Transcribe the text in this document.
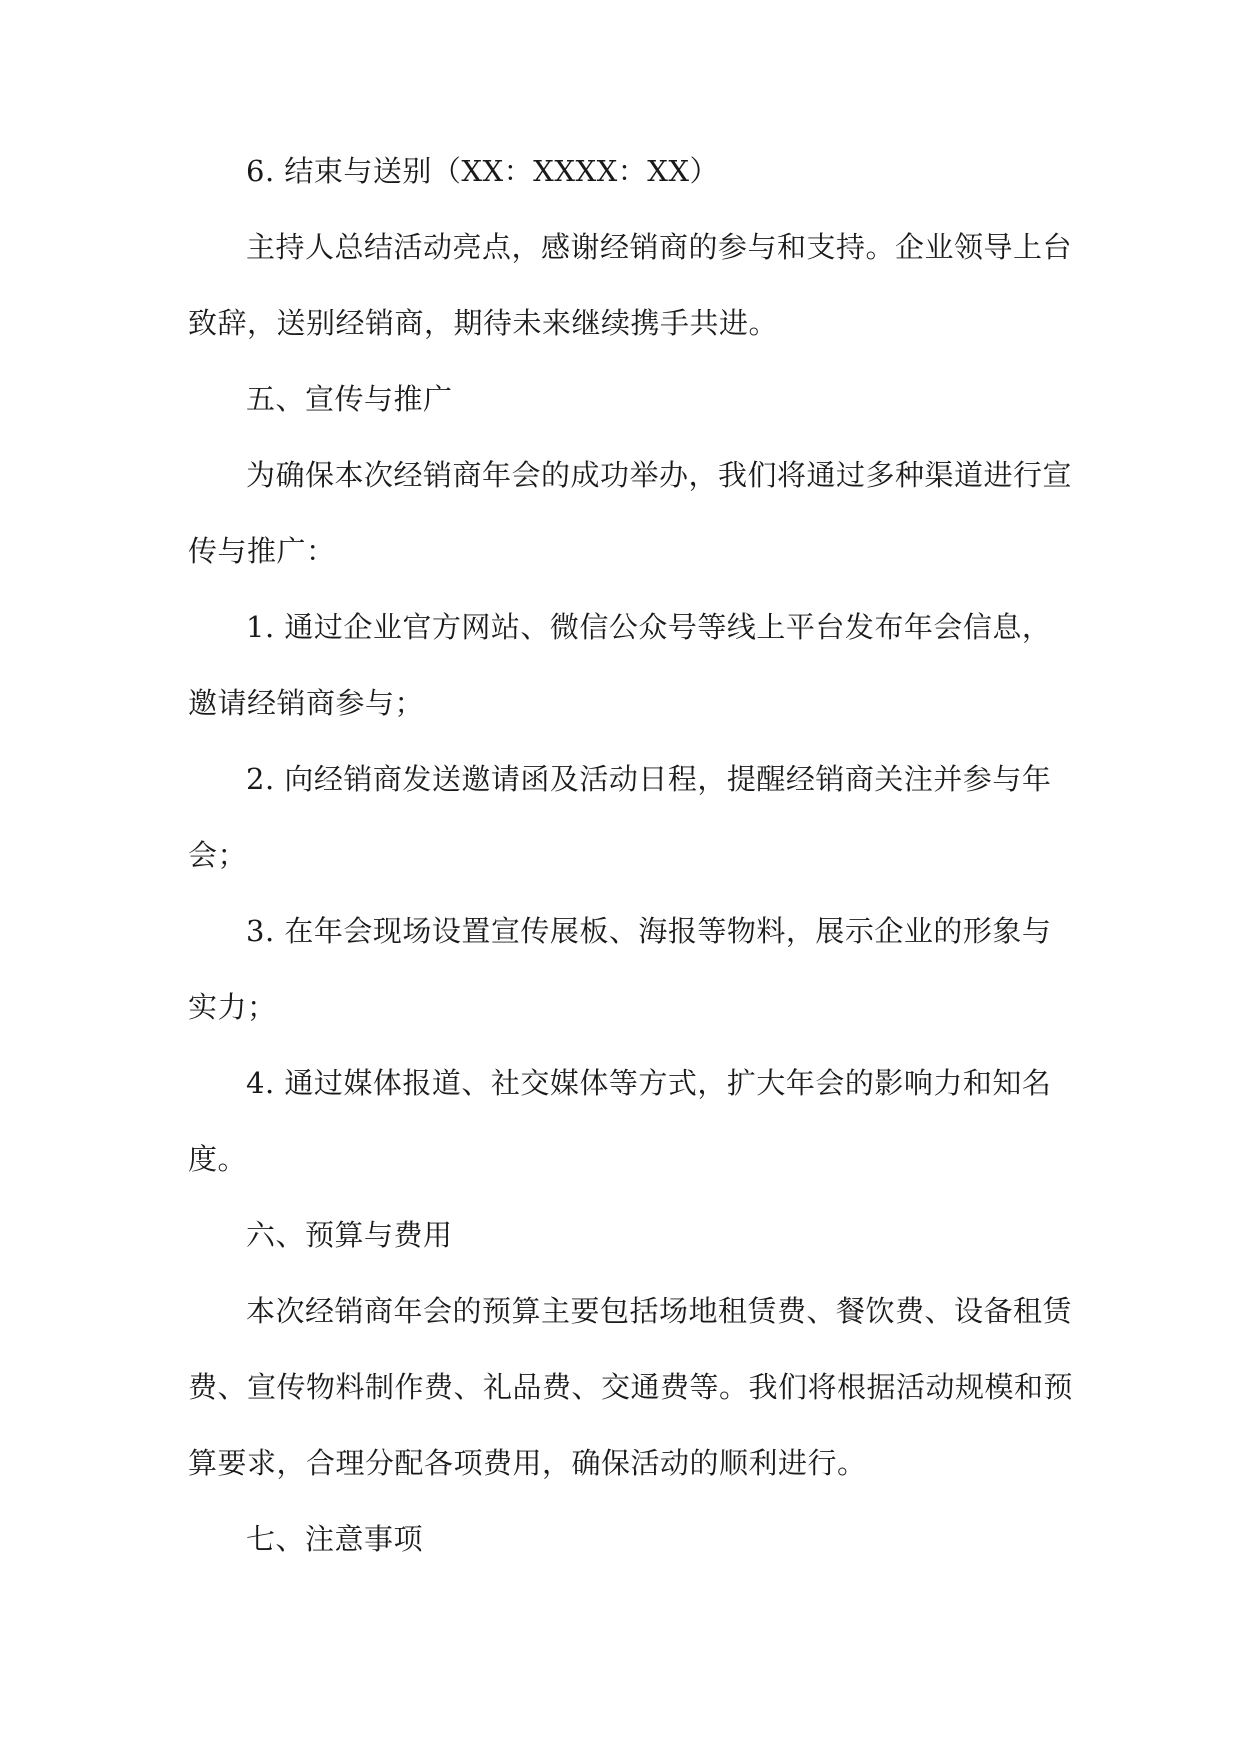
6. 结束与送别（XX：XXXX：XX）
主持人总结活动亮点，感谢经销商的参与和支持。企业领导上台
致辞，送别经销商，期待未来继续携手共进。
五、宣传与推广
为确保本次经销商年会的成功举办，我们将通过多种渠道进行宣
传与推广：
1. 通过企业官方网站、微信公众号等线上平台发布年会信息，
邀请经销商参与；
2. 向经销商发送邀请函及活动日程，提醒经销商关注并参与年
会；
3. 在年会现场设置宣传展板、海报等物料，展示企业的形象与
实力；
4. 通过媒体报道、社交媒体等方式，扩大年会的影响力和知名
度。
六、预算与费用
本次经销商年会的预算主要包括场地租赁费、餐饮费、设备租赁
费、宣传物料制作费、礼品费、交通费等。我们将根据活动规模和预
算要求，合理分配各项费用，确保活动的顺利进行。
七、注意事项
